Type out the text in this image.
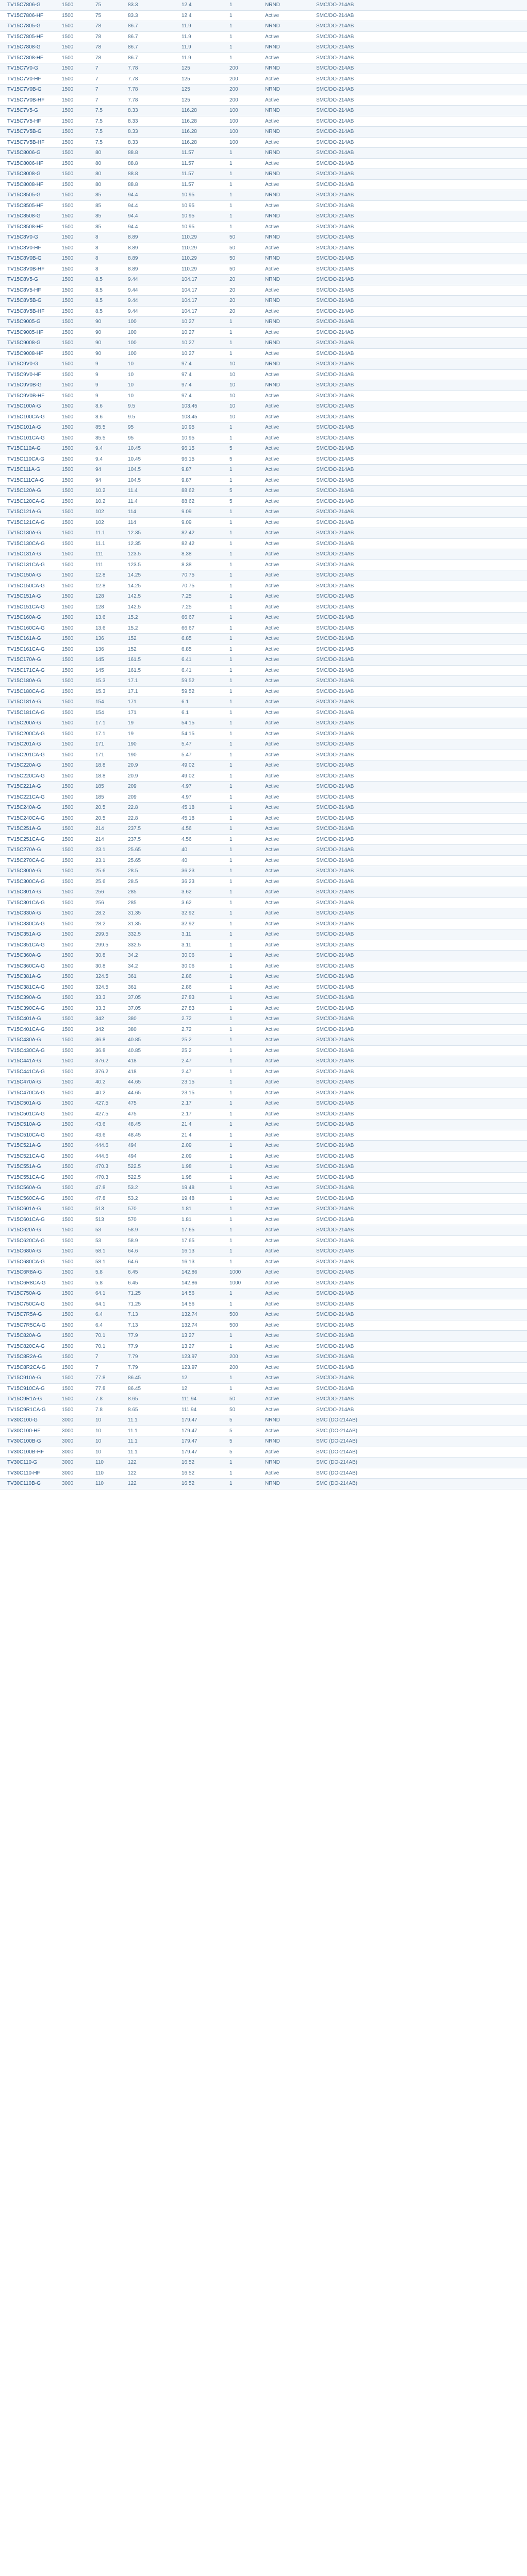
TV15C7806-G	1500	75	83.3	12.4	1	NRND	SMC/DO-214AB
TV15C7806-HF	1500	75	83.3	12.4	1	Active	SMC/DO-214AB
TV15C7805-G	1500	78	86.7	11.9	1	NRND	SMC/DO-214AB
TV15C7805-HF	1500	78	86.7	11.9	1	Active	SMC/DO-214AB
TV15C7808-G	1500	78	86.7	11.9	1	NRND	SMC/DO-214AB
TV15C7808-HF	1500	78	86.7	11.9	1	Active	SMC/DO-214AB
TV15C7V0-G	1500	7	7.78	125	200	NRND	SMC/DO-214AB
TV15C7V0-HF	1500	7	7.78	125	200	Active	SMC/DO-214AB
TV15C7V0B-G	1500	7	7.78	125	200	NRND	SMC/DO-214AB
TV15C7V0B-HF	1500	7	7.78	125	200	Active	SMC/DO-214AB
TV15C7V5-G	1500	7.5	8.33	116.28	100	NRND	SMC/DO-214AB
TV15C7V5-HF	1500	7.5	8.33	116.28	100	Active	SMC/DO-214AB
TV15C7V5B-G	1500	7.5	8.33	116.28	100	NRND	SMC/DO-214AB
TV15C7V5B-HF	1500	7.5	8.33	116.28	100	Active	SMC/DO-214AB
TV15C8006-G	1500	80	88.8	11.57	1	NRND	SMC/DO-214AB
TV15C8006-HF	1500	80	88.8	11.57	1	Active	SMC/DO-214AB
TV15C8008-G	1500	80	88.8	11.57	1	NRND	SMC/DO-214AB
TV15C8008-HF	1500	80	88.8	11.57	1	Active	SMC/DO-214AB
TV15C8505-G	1500	85	94.4	10.95	1	NRND	SMC/DO-214AB
TV15C8505-HF	1500	85	94.4	10.95	1	Active	SMC/DO-214AB
TV15C8508-G	1500	85	94.4	10.95	1	NRND	SMC/DO-214AB
TV15C8508-HF	1500	85	94.4	10.95	1	Active	SMC/DO-214AB
TV15C8V0-G	1500	8	8.89	110.29	50	NRND	SMC/DO-214AB
TV15C8V0-HF	1500	8	8.89	110.29	50	Active	SMC/DO-214AB
TV15C8V0B-G	1500	8	8.89	110.29	50	NRND	SMC/DO-214AB
TV15C8V0B-HF	1500	8	8.89	110.29	50	Active	SMC/DO-214AB
TV15C8V5-G	1500	8.5	9.44	104.17	20	NRND	SMC/DO-214AB
TV15C8V5-HF	1500	8.5	9.44	104.17	20	Active	SMC/DO-214AB
TV15C8V5B-G	1500	8.5	9.44	104.17	20	NRND	SMC/DO-214AB
TV15C8V5B-HF	1500	8.5	9.44	104.17	20	Active	SMC/DO-214AB
TV15C9005-G	1500	90	100	10.27	1	NRND	SMC/DO-214AB
TV15C9005-HF	1500	90	100	10.27	1	Active	SMC/DO-214AB
TV15C9008-G	1500	90	100	10.27	1	NRND	SMC/DO-214AB
TV15C9008-HF	1500	90	100	10.27	1	Active	SMC/DO-214AB
TV15C9V0-G	1500	9	10	97.4	10	NRND	SMC/DO-214AB
TV15C9V0-HF	1500	9	10	97.4	10	Active	SMC/DO-214AB
TV15C9V0B-G	1500	9	10	97.4	10	NRND	SMC/DO-214AB
TV15C9V0B-HF	1500	9	10	97.4	10	Active	SMC/DO-214AB
TV15C100A-G	1500	8.6	9.5	103.45	10	Active	SMC/DO-214AB
TV15C100CA-G	1500	8.6	9.5	103.45	10	Active	SMC/DO-214AB
TV15C101A-G	1500	85.5	95	10.95	1	Active	SMC/DO-214AB
TV15C101CA-G	1500	85.5	95	10.95	1	Active	SMC/DO-214AB
TV15C110A-G	1500	9.4	10.45	96.15	5	Active	SMC/DO-214AB
TV15C110CA-G	1500	9.4	10.45	96.15	5	Active	SMC/DO-214AB
TV15C111A-G	1500	94	104.5	9.87	1	Active	SMC/DO-214AB
TV15C111CA-G	1500	94	104.5	9.87	1	Active	SMC/DO-214AB
TV15C120A-G	1500	10.2	11.4	88.62	5	Active	SMC/DO-214AB
TV15C120CA-G	1500	10.2	11.4	88.62	5	Active	SMC/DO-214AB
TV15C121A-G	1500	102	114	9.09	1	Active	SMC/DO-214AB
TV15C121CA-G	1500	102	114	9.09	1	Active	SMC/DO-214AB
TV15C130A-G	1500	11.1	12.35	82.42	1	Active	SMC/DO-214AB
TV15C130CA-G	1500	11.1	12.35	82.42	1	Active	SMC/DO-214AB
TV15C131A-G	1500	111	123.5	8.38	1	Active	SMC/DO-214AB
TV15C131CA-G	1500	111	123.5	8.38	1	Active	SMC/DO-214AB
TV15C150A-G	1500	12.8	14.25	70.75	1	Active	SMC/DO-214AB
TV15C150CA-G	1500	12.8	14.25	70.75	1	Active	SMC/DO-214AB
TV15C151A-G	1500	128	142.5	7.25	1	Active	SMC/DO-214AB
TV15C151CA-G	1500	128	142.5	7.25	1	Active	SMC/DO-214AB
TV15C160A-G	1500	13.6	15.2	66.67	1	Active	SMC/DO-214AB
TV15C160CA-G	1500	13.6	15.2	66.67	1	Active	SMC/DO-214AB
TV15C161A-G	1500	136	152	6.85	1	Active	SMC/DO-214AB
TV15C161CA-G	1500	136	152	6.85	1	Active	SMC/DO-214AB
TV15C170A-G	1500	145	161.5	6.41	1	Active	SMC/DO-214AB
TV15C171CA-G	1500	145	161.5	6.41	1	Active	SMC/DO-214AB
TV15C180A-G	1500	15.3	17.1	59.52	1	Active	SMC/DO-214AB
TV15C180CA-G	1500	15.3	17.1	59.52	1	Active	SMC/DO-214AB
TV15C181A-G	1500	154	171	6.1	1	Active	SMC/DO-214AB
TV15C181CA-G	1500	154	171	6.1	1	Active	SMC/DO-214AB
TV15C200A-G	1500	17.1	19	54.15	1	Active	SMC/DO-214AB
TV15C200CA-G	1500	17.1	19	54.15	1	Active	SMC/DO-214AB
TV15C201A-G	1500	171	190	5.47	1	Active	SMC/DO-214AB
TV15C201CA-G	1500	171	190	5.47	1	Active	SMC/DO-214AB
TV15C220A-G	1500	18.8	20.9	49.02	1	Active	SMC/DO-214AB
TV15C220CA-G	1500	18.8	20.9	49.02	1	Active	SMC/DO-214AB
TV15C221A-G	1500	185	209	4.97	1	Active	SMC/DO-214AB
TV15C221CA-G	1500	185	209	4.97	1	Active	SMC/DO-214AB
TV15C240A-G	1500	20.5	22.8	45.18	1	Active	SMC/DO-214AB
TV15C240CA-G	1500	20.5	22.8	45.18	1	Active	SMC/DO-214AB
TV15C251A-G	1500	214	237.5	4.56	1	Active	SMC/DO-214AB
TV15C251CA-G	1500	214	237.5	4.56	1	Active	SMC/DO-214AB
TV15C270A-G	1500	23.1	25.65	40	1	Active	SMC/DO-214AB
TV15C270CA-G	1500	23.1	25.65	40	1	Active	SMC/DO-214AB
TV15C300A-G	1500	25.6	28.5	36.23	1	Active	SMC/DO-214AB
TV15C300CA-G	1500	25.6	28.5	36.23	1	Active	SMC/DO-214AB
TV15C301A-G	1500	256	285	3.62	1	Active	SMC/DO-214AB
TV15C301CA-G	1500	256	285	3.62	1	Active	SMC/DO-214AB
TV15C330A-G	1500	28.2	31.35	32.92	1	Active	SMC/DO-214AB
TV15C330CA-G	1500	28.2	31.35	32.92	1	Active	SMC/DO-214AB
TV15C351A-G	1500	299.5	332.5	3.11	1	Active	SMC/DO-214AB
TV15C351CA-G	1500	299.5	332.5	3.11	1	Active	SMC/DO-214AB
TV15C360A-G	1500	30.8	34.2	30.06	1	Active	SMC/DO-214AB
TV15C360CA-G	1500	30.8	34.2	30.06	1	Active	SMC/DO-214AB
TV15C381A-G	1500	324.5	361	2.86	1	Active	SMC/DO-214AB
TV15C381CA-G	1500	324.5	361	2.86	1	Active	SMC/DO-214AB
TV15C390A-G	1500	33.3	37.05	27.83	1	Active	SMC/DO-214AB
TV15C390CA-G	1500	33.3	37.05	27.83	1	Active	SMC/DO-214AB
TV15C401A-G	1500	342	380	2.72	1	Active	SMC/DO-214AB
TV15C401CA-G	1500	342	380	2.72	1	Active	SMC/DO-214AB
TV15C430A-G	1500	36.8	40.85	25.2	1	Active	SMC/DO-214AB
TV15C430CA-G	1500	36.8	40.85	25.2	1	Active	SMC/DO-214AB
TV15C441A-G	1500	376.2	418	2.47	1	Active	SMC/DO-214AB
TV15C441CA-G	1500	376.2	418	2.47	1	Active	SMC/DO-214AB
TV15C470A-G	1500	40.2	44.65	23.15	1	Active	SMC/DO-214AB
TV15C470CA-G	1500	40.2	44.65	23.15	1	Active	SMC/DO-214AB
TV15C501A-G	1500	427.5	475	2.17	1	Active	SMC/DO-214AB
TV15C501CA-G	1500	427.5	475	2.17	1	Active	SMC/DO-214AB
TV15C510A-G	1500	43.6	48.45	21.4	1	Active	SMC/DO-214AB
TV15C510CA-G	1500	43.6	48.45	21.4	1	Active	SMC/DO-214AB
TV15C521A-G	1500	444.6	494	2.09	1	Active	SMC/DO-214AB
TV15C521CA-G	1500	444.6	494	2.09	1	Active	SMC/DO-214AB
TV15C551A-G	1500	470.3	522.5	1.98	1	Active	SMC/DO-214AB
TV15C551CA-G	1500	470.3	522.5	1.98	1	Active	SMC/DO-214AB
TV15C560A-G	1500	47.8	53.2	19.48	1	Active	SMC/DO-214AB
TV15C560CA-G	1500	47.8	53.2	19.48	1	Active	SMC/DO-214AB
TV15C601A-G	1500	513	570	1.81	1	Active	SMC/DO-214AB
TV15C601CA-G	1500	513	570	1.81	1	Active	SMC/DO-214AB
TV15C620A-G	1500	53	58.9	17.65	1	Active	SMC/DO-214AB
TV15C620CA-G	1500	53	58.9	17.65	1	Active	SMC/DO-214AB
TV15C680A-G	1500	58.1	64.6	16.13	1	Active	SMC/DO-214AB
TV15C680CA-G	1500	58.1	64.6	16.13	1	Active	SMC/DO-214AB
TV15C6R8A-G	1500	5.8	6.45	142.86	1000	Active	SMC/DO-214AB
TV15C6R8CA-G	1500	5.8	6.45	142.86	1000	Active	SMC/DO-214AB
TV15C750A-G	1500	64.1	71.25	14.56	1	Active	SMC/DO-214AB
TV15C750CA-G	1500	64.1	71.25	14.56	1	Active	SMC/DO-214AB
TV15C7R5A-G	1500	6.4	7.13	132.74	500	Active	SMC/DO-214AB
TV15C7R5CA-G	1500	6.4	7.13	132.74	500	Active	SMC/DO-214AB
TV15C820A-G	1500	70.1	77.9	13.27	1	Active	SMC/DO-214AB
TV15C820CA-G	1500	70.1	77.9	13.27	1	Active	SMC/DO-214AB
TV15C8R2A-G	1500	7	7.79	123.97	200	Active	SMC/DO-214AB
TV15C8R2CA-G	1500	7	7.79	123.97	200	Active	SMC/DO-214AB
TV15C910A-G	1500	77.8	86.45	12	1	Active	SMC/DO-214AB
TV15C910CA-G	1500	77.8	86.45	12	1	Active	SMC/DO-214AB
TV15C9R1A-G	1500	7.8	8.65	111.94	50	Active	SMC/DO-214AB
TV15C9R1CA-G	1500	7.8	8.65	111.94	50	Active	SMC/DO-214AB
TV30C100-G	3000	10	11.1	179.47	5	NRND	SMC (DO-214AB)
TV30C100-HF	3000	10	11.1	179.47	5	Active	SMC (DO-214AB)
TV30C100B-G	3000	10	11.1	179.47	5	NRND	SMC (DO-214AB)
TV30C100B-HF	3000	10	11.1	179.47	5	Active	SMC (DO-214AB)
TV30C110-G	3000	110	122	16.52	1	NRND	SMC (DO-214AB)
TV30C110-HF	3000	110	122	16.52	1	Active	SMC (DO-214AB)
TV30C110B-G	3000	110	122	16.52	1	NRND	SMC (DO-214AB)
